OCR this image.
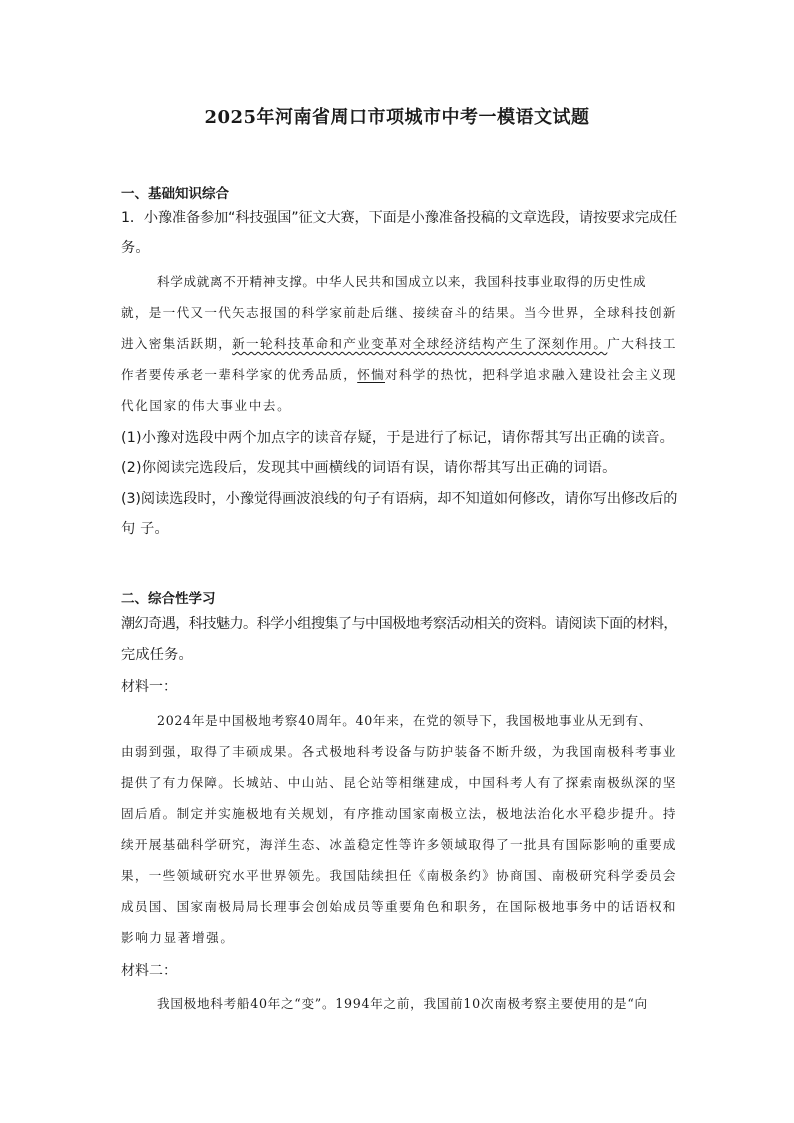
2025年河南省周口市项城市中考一模语文试题
一、基础知识综合
1．小豫准备参加“科技强国”征文大赛，下面是小豫准备投稿的文章选段，请按要求完成任
务。
科学成就离不开精神支撑。中华人民共和国成立以来，我国科技事业取得的历史性成
就，是一代又一代矢志报国的科学家前赴后继、接续奋斗的结果。当今世界，全球科技创新
进入密集活跃期，新一轮科技革命和产业变革对全球经济结构产生了深刻作用。广大科技工
作者要传承老一辈科学家的优秀品质，怀惴对科学的热忱，把科学追求融入建设社会主义现
代化国家的伟大事业中去。
(1)小豫对选段中两个加点字的读音存疑，于是进行了标记，请你帮其写出正确的读音。
(2)你阅读完选段后，发现其中画横线的词语有误，请你帮其写出正确的词语。
(3)阅读选段时，小豫觉得画波浪线的句子有语病，却不知道如何修改，请你写出修改后的
句 子。
二、综合性学习
潮幻奇遇，科技魅力。科学小组搜集了与中国极地考察活动相关的资料。请阅读下面的材料，
完成任务。
材料一：
2024年是中国极地考察40周年。40年来，在党的领导下，我国极地事业从无到有、
由弱到强，取得了丰硕成果。各式极地科考设备与防护装备不断升级，为我国南极科考事业
提供了有力保障。长城站、中山站、昆仑站等相继建成，中国科考人有了探索南极纵深的坚
固后盾。制定并实施极地有关规划，有序推动国家南极立法，极地法治化水平稳步提升。持
续开展基础科学研究，海洋生态、冰盖稳定性等许多领域取得了一批具有国际影响的重要成
果，一些领域研究水平世界领先。我国陆续担任《南极条约》协商国、南极研究科学委员会
成员国、国家南极局局长理事会创始成员等重要角色和职务，在国际极地事务中的话语权和
影响力显著增强。
材料二：
我国极地科考船40年之“变”。1994年之前，我国前10次南极考察主要使用的是“向
